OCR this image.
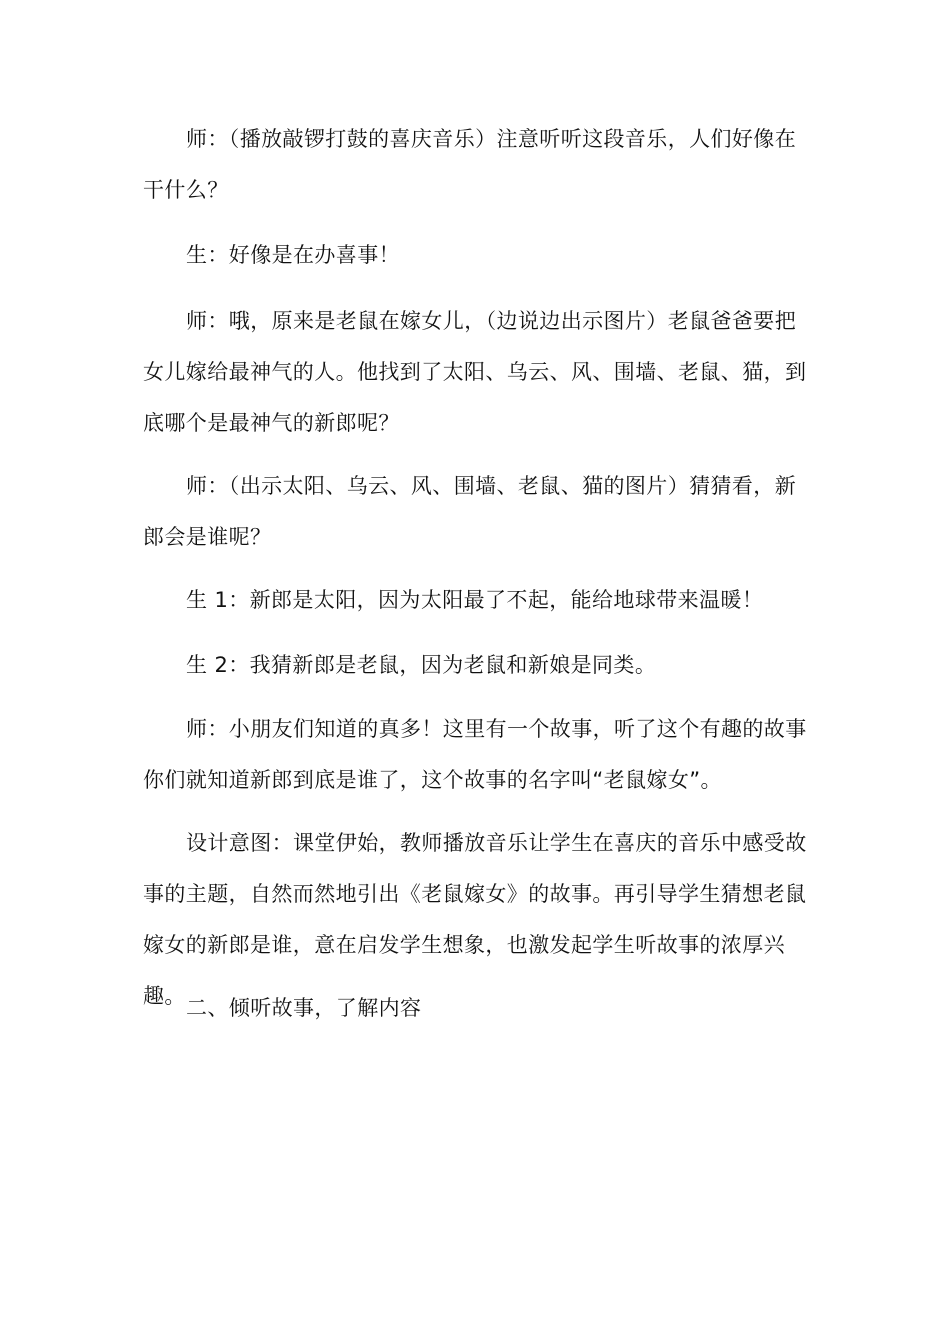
师：（播放敲锣打鼓的喜庆音乐）注意听听这段音乐，人们好像在干什么？

生：好像是在办喜事！

师：哦，原来是老鼠在嫁女儿，（边说边出示图片）老鼠爸爸要把女儿嫁给最神气的人。他找到了太阳、乌云、风、围墙、老鼠、猫，到底哪个是最神气的新郎呢？

师：（出示太阳、乌云、风、围墙、老鼠、猫的图片）猜猜看，新郎会是谁呢？

生 1：新郎是太阳，因为太阳最了不起，能给地球带来温暖！

生 2：我猜新郎是老鼠，因为老鼠和新娘是同类。

师：小朋友们知道的真多！这里有一个故事，听了这个有趣的故事你们就知道新郎到底是谁了，这个故事的名字叫“老鼠嫁女”。

设计意图：课堂伊始，教师播放音乐让学生在喜庆的音乐中感受故事的主题，自然而然地引出《老鼠嫁女》的故事。再引导学生猜想老鼠嫁女的新郎是谁，意在启发学生想象，也激发起学生听故事的浓厚兴趣。 二、倾听故事，了解内容
